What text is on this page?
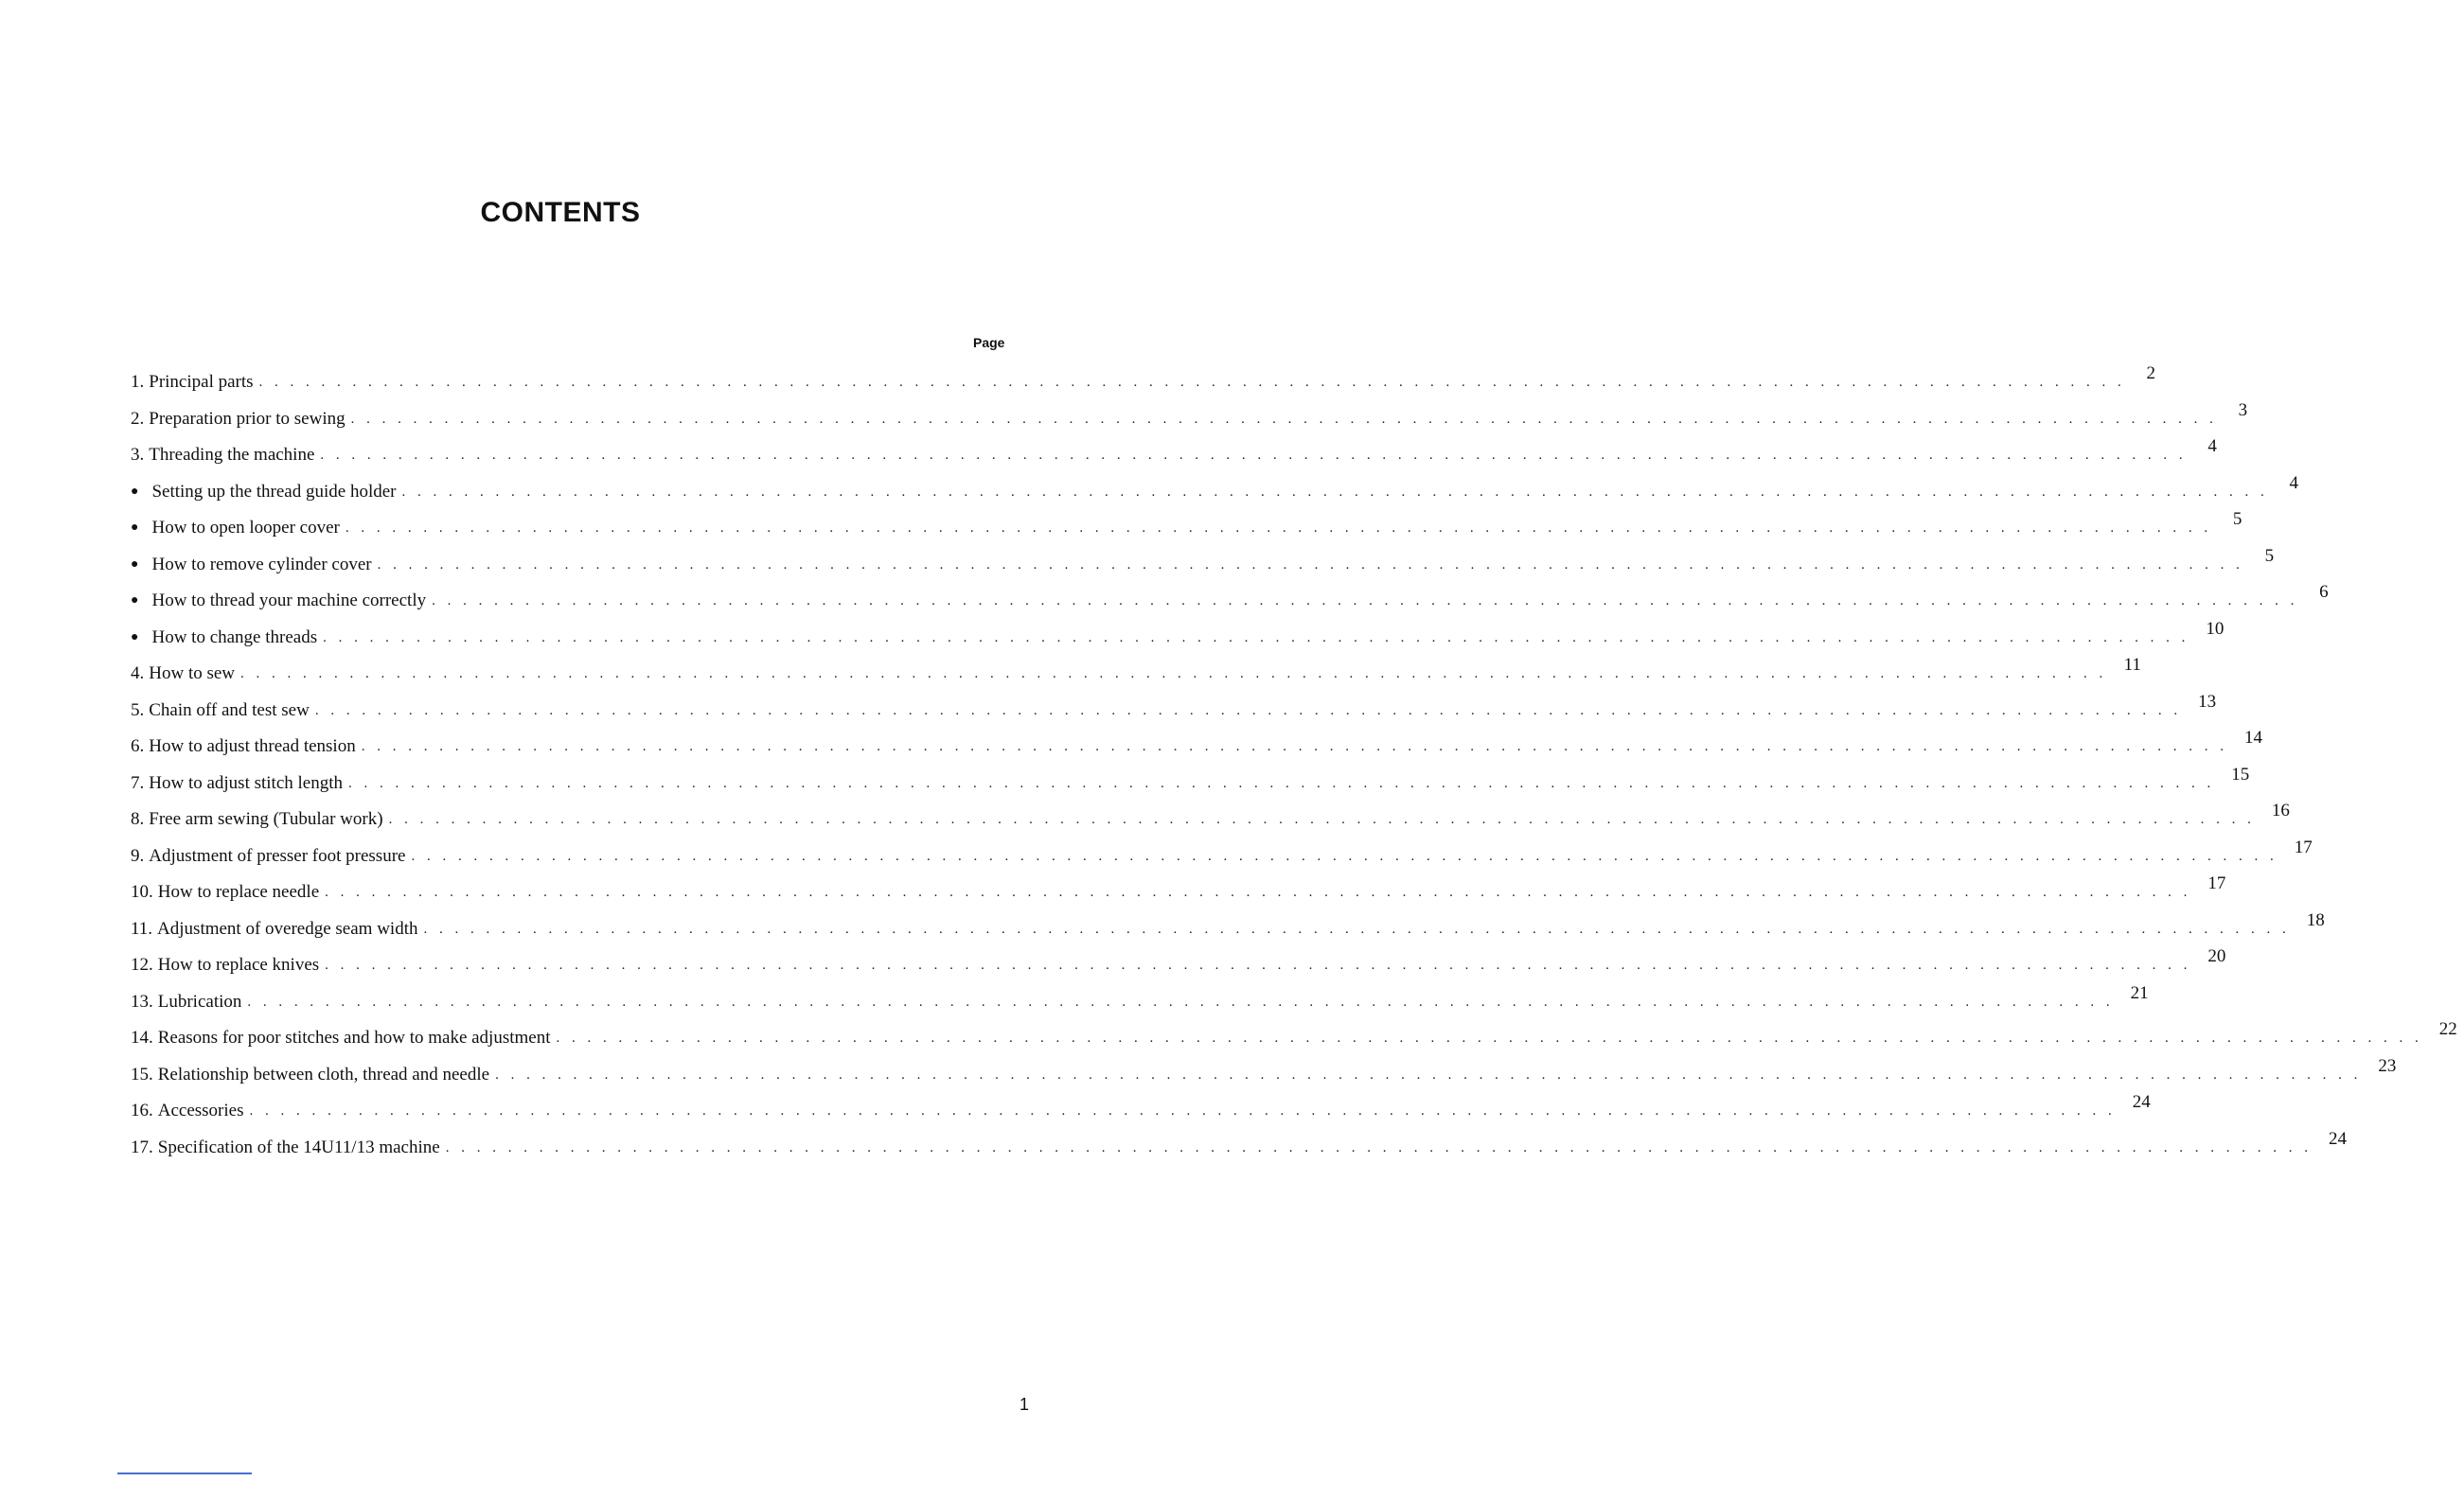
CONTENTS
Page
1. Principal parts . . . . . . . . . . . . . . . . . . . . . . . . . . . . . . . . . . . . . . . . . . . . . . . . . . . . . . . . . . . . . . . . . . . . . . . . . . . . . . . . . . . . . . . . . . . . . . . . . . . . . . . . . . . . . . . . . . . . . . . .	2
2. Preparation prior to sewing . . . . . . . . . . . . . . . . . . . . . . . . . . . . . . . . . . . . . . . . . . . . . . . . . . . . . . . . . . . . . . . . . . . . . . . . . . . . . . . . . . . . . . . . . . . . . . . . . . . . . . . . . . . . . . . . . . . . . . . .	3
3. Threading the machine . . . . . . . . . . . . . . . . . . . . . . . . . . . . . . . . . . . . . . . . . . . . . . . . . . . . . . . . . . . . . . . . . . . . . . . . . . . . . . . . . . . . . . . . . . . . . . . . . . . . . . . . . . . . . . . . . . . . . . . .	4
● Setting up the thread guide holder . . . . . . . . . . . . . . . . . . . . . . . . . . . . . . . . . . . . . . . . . . . . . . . . . . . . . . . . . . . . . . . . . . . . . . . . . . . . . . . . . . . . . . . . . . . . . . . . . . . . . . . . . . . . . . . . . . . . . . . .	4
● How to open looper cover . . . . . . . . . . . . . . . . . . . . . . . . . . . . . . . . . . . . . . . . . . . . . . . . . . . . . . . . . . . . . . . . . . . . . . . . . . . . . . . . . . . . . . . . . . . . . . . . . . . . . . . . . . . . . . . . . . . . . . . .	5
● How to remove cylinder cover . . . . . . . . . . . . . . . . . . . . . . . . . . . . . . . . . . . . . . . . . . . . . . . . . . . . . . . . . . . . . . . . . . . . . . . . . . . . . . . . . . . . . . . . . . . . . . . . . . . . . . . . . . . . . . . . . . . . . . . .	5
● How to thread your machine correctly . . . . . . . . . . . . . . . . . . . . . . . . . . . . . . . . . . . . . . . . . . . . . . . . . . . . . . . . . . . . . . . . . . . . . . . . . . . . . . . . . . . . . . . . . . . . . . . . . . . . . . . . . . . . . . . . . . . . . . . .	6
● How to change threads . . . . . . . . . . . . . . . . . . . . . . . . . . . . . . . . . . . . . . . . . . . . . . . . . . . . . . . . . . . . . . . . . . . . . . . . . . . . . . . . . . . . . . . . . . . . . . . . . . . . . . . . . . . . . . . . . . . . . . . . 10
4. How to sew . . . . . . . . . . . . . . . . . . . . . . . . . . . . . . . . . . . . . . . . . . . . . . . . . . . . . . . . . . . . . . . . . . . . . . . . . . . . . . . . . . . . . . . . . . . . . . . . . . . . . . . . . . . . . . . . . . . . . . . . 11
5. Chain off and test sew . . . . . . . . . . . . . . . . . . . . . . . . . . . . . . . . . . . . . . . . . . . . . . . . . . . . . . . . . . . . . . . . . . . . . . . . . . . . . . . . . . . . . . . . . . . . . . . . . . . . . . . . . . . . . . . . . . . . . . . . 13
6. How to adjust thread tension . . . . . . . . . . . . . . . . . . . . . . . . . . . . . . . . . . . . . . . . . . . . . . . . . . . . . . . . . . . . . . . . . . . . . . . . . . . . . . . . . . . . . . . . . . . . . . . . . . . . . . . . . . . . . . . . . . . . . . . . 14
7. How to adjust stitch length . . . . . . . . . . . . . . . . . . . . . . . . . . . . . . . . . . . . . . . . . . . . . . . . . . . . . . . . . . . . . . . . . . . . . . . . . . . . . . . . . . . . . . . . . . . . . . . . . . . . . . . . . . . . . . . . . . . . . . . . 15
8. Free arm sewing (Tubular work) . . . . . . . . . . . . . . . . . . . . . . . . . . . . . . . . . . . . . . . . . . . . . . . . . . . . . . . . . . . . . . . . . . . . . . . . . . . . . . . . . . . . . . . . . . . . . . . . . . . . . . . . . . . . . . . . . . . . . . . . 16
9. Adjustment of presser foot pressure . . . . . . . . . . . . . . . . . . . . . . . . . . . . . . . . . . . . . . . . . . . . . . . . . . . . . . . . . . . . . . . . . . . . . . . . . . . . . . . . . . . . . . . . . . . . . . . . . . . . . . . . . . . . . . . . . . . . . . . . 17
10. How to replace needle . . . . . . . . . . . . . . . . . . . . . . . . . . . . . . . . . . . . . . . . . . . . . . . . . . . . . . . . . . . . . . . . . . . . . . . . . . . . . . . . . . . . . . . . . . . . . . . . . . . . . . . . . . . . . . . . . . . . . . . . 17
11. Adjustment of overedge seam width . . . . . . . . . . . . . . . . . . . . . . . . . . . . . . . . . . . . . . . . . . . . . . . . . . . . . . . . . . . . . . . . . . . . . . . . . . . . . . . . . . . . . . . . . . . . . . . . . . . . . . . . . . . . . . . . . . . . . . . . 18
12. How to replace knives . . . . . . . . . . . . . . . . . . . . . . . . . . . . . . . . . . . . . . . . . . . . . . . . . . . . . . . . . . . . . . . . . . . . . . . . . . . . . . . . . . . . . . . . . . . . . . . . . . . . . . . . . . . . . . . . . . . . . . . . 20
13. Lubrication . . . . . . . . . . . . . . . . . . . . . . . . . . . . . . . . . . . . . . . . . . . . . . . . . . . . . . . . . . . . . . . . . . . . . . . . . . . . . . . . . . . . . . . . . . . . . . . . . . . . . . . . . . . . . . . . . . . . . . . . 21
14. Reasons for poor stitches and how to make adjustment . . . . . . . . . . . . . . . . . . . . . . . . . . . . . . . . . . . . . . . . . . . . . . . . . . . . . . . . . . . . . . . . . . . . . . . . . . . . . . . . . . . . . . . . . . . . . . . . . . . . . . . . . . . . . . . . . . . . . . . . 22
15. Relationship between cloth, thread and needle . . . . . . . . . . . . . . . . . . . . . . . . . . . . . . . . . . . . . . . . . . . . . . . . . . . . . . . . . . . . . . . . . . . . . . . . . . . . . . . . . . . . . . . . . . . . . . . . . . . . . . . . . . . . . . . . . . . . . . . . 23
16. Accessories . . . . . . . . . . . . . . . . . . . . . . . . . . . . . . . . . . . . . . . . . . . . . . . . . . . . . . . . . . . . . . . . . . . . . . . . . . . . . . . . . . . . . . . . . . . . . . . . . . . . . . . . . . . . . . . . . . . . . . . . 24
17. Specification of the 14U11/13 machine . . . . . . . . . . . . . . . . . . . . . . . . . . . . . . . . . . . . . . . . . . . . . . . . . . . . . . . . . . . . . . . . . . . . . . . . . . . . . . . . . . . . . . . . . . . . . . . . . . . . . . . . . . . . . . . . . . . . . . . . 24
1
